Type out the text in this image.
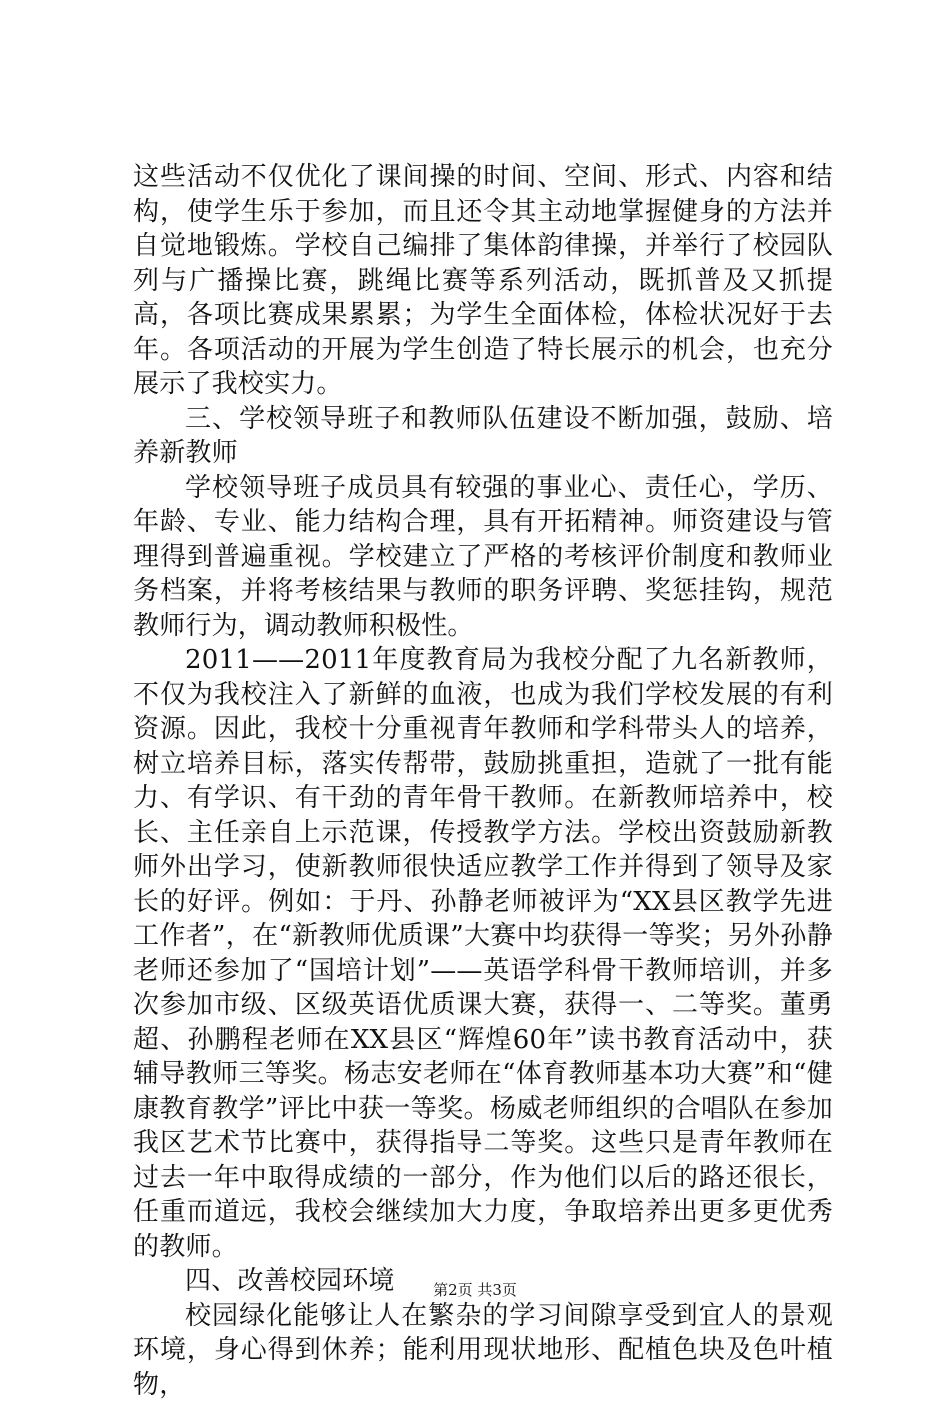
这些活动不仅优化了课间操的时间、空间、形式、内容和结构，使学生乐于参加，而且还令其主动地掌握健身的方法并自觉地锻炼。学校自己编排了集体韵律操，并举行了校园队列与广播操比赛，跳绳比赛等系列活动，既抓普及又抓提高，各项比赛成果累累；为学生全面体检，体检状况好于去年。各项活动的开展为学生创造了特长展示的机会，也充分展示了我校实力。

三、学校领导班子和教师队伍建设不断加强，鼓励、培养新教师

学校领导班子成员具有较强的事业心、责任心，学历、年龄、专业、能力结构合理，具有开拓精神。师资建设与管理得到普遍重视。学校建立了严格的考核评价制度和教师业务档案，并将考核结果与教师的职务评聘、奖惩挂钩，规范教师行为，调动教师积极性。

2011——2011年度教育局为我校分配了九名新教师，不仅为我校注入了新鲜的血液，也成为我们学校发展的有利资源。因此，我校十分重视青年教师和学科带头人的培养，树立培养目标，落实传帮带，鼓励挑重担，造就了一批有能力、有学识、有干劲的青年骨干教师。在新教师培养中，校长、主任亲自上示范课，传授教学方法。学校出资鼓励新教师外出学习，使新教师很快适应教学工作并得到了领导及家长的好评。例如：于丹、孙静老师被评为“XX县区教学先进工作者”，在“新教师优质课”大赛中均获得一等奖；另外孙静老师还参加了“国培计划”——英语学科骨干教师培训，并多次参加市级、区级英语优质课大赛，获得一、二等奖。董勇超、孙鹏程老师在XX县区“辉煌60年”读书教育活动中，获辅导教师三等奖。杨志安老师在“体育教师基本功大赛”和“健康教育教学”评比中获一等奖。杨威老师组织的合唱队在参加我区艺术节比赛中，获得指导二等奖。这些只是青年教师在过去一年中取得成绩的一部分，作为他们以后的路还很长，任重而道远，我校会继续加大力度，争取培养出更多更优秀的教师。

四、改善校园环境

校园绿化能够让人在繁杂的学习间隙享受到宜人的景观环境，身心得到休养；能利用现状地形、配植色块及色叶植物，

第2页 共3页
